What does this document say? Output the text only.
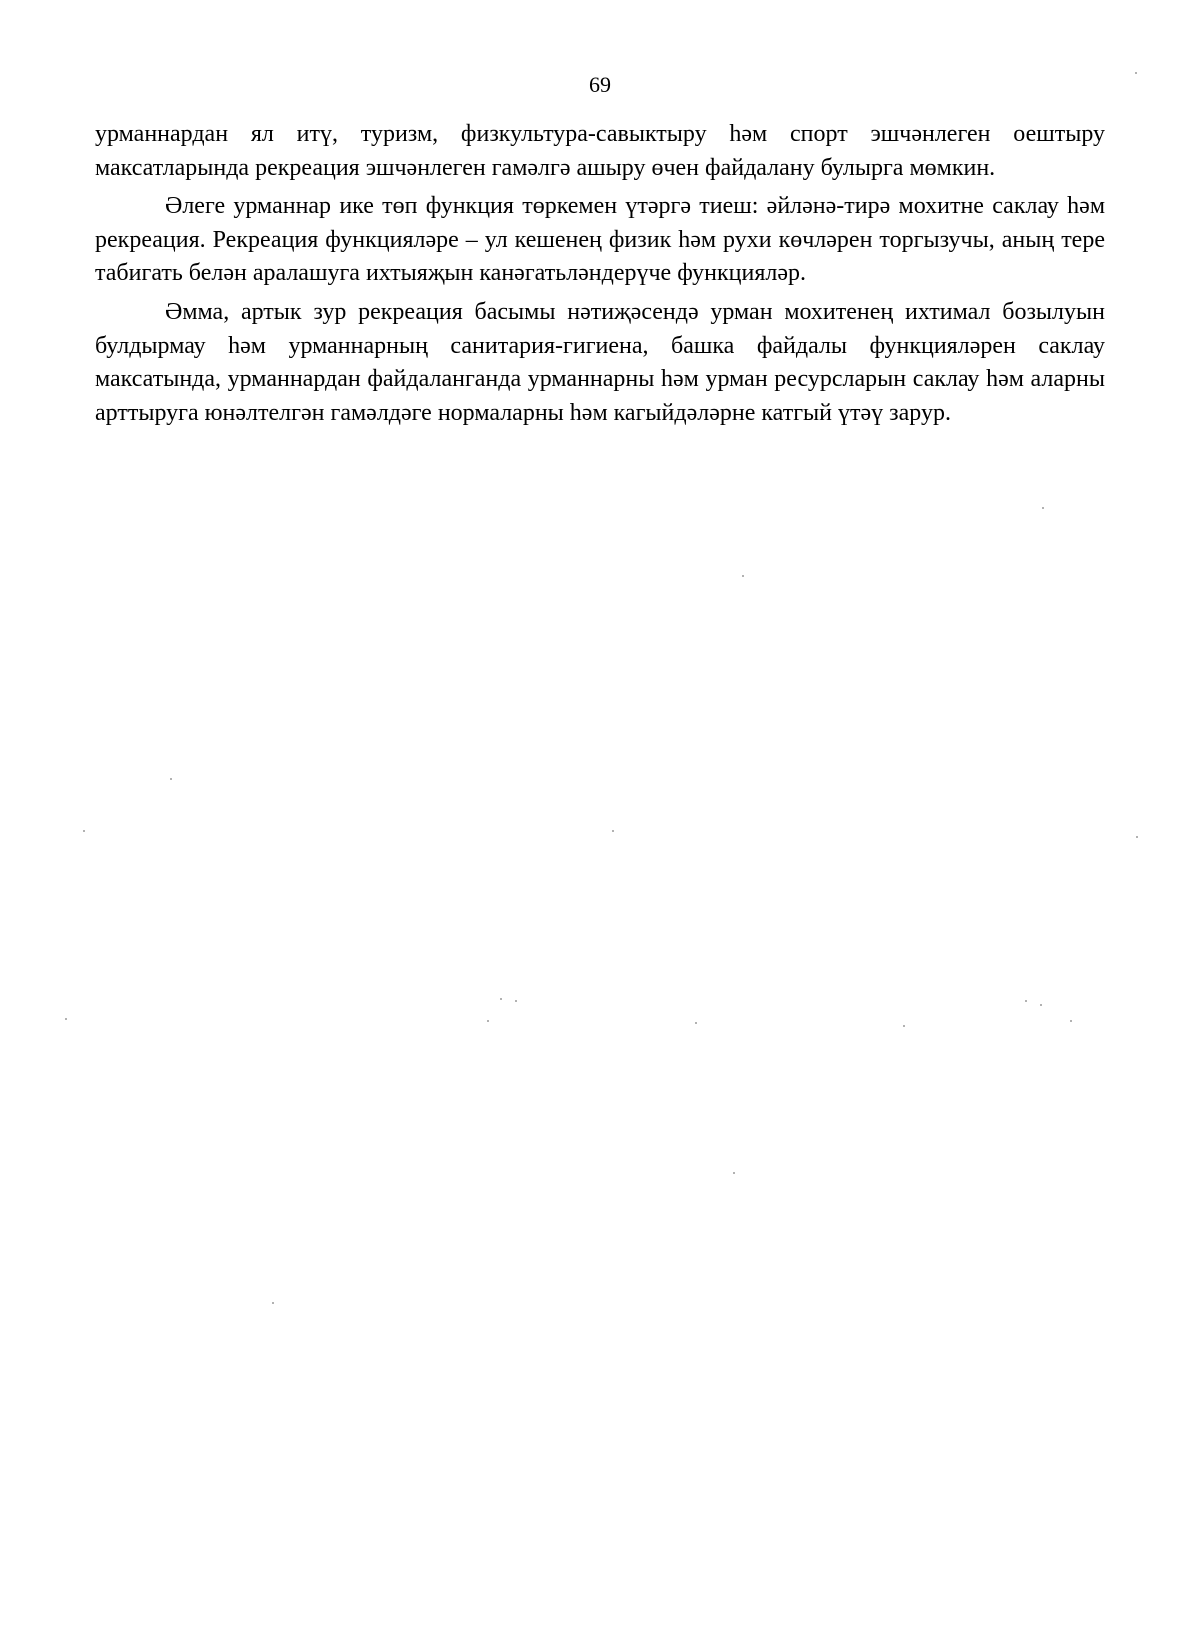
69

урманнардан ял итү, туризм, физкультура-савыктыру һәм спорт эшчәнлеген оештыру максатларында рекреация эшчәнлеген гамәлгә ашыру өчен файдалану булырга мөмкин.

Әлеге урманнар ике төп функция төркемен үтәргә тиеш: әйләнә-тирә мохитне саклау һәм рекреация. Рекреация функцияләре – ул кешенең физик һәм рухи көчләрен торгызучы, аның тере табигать белән аралашуга ихтыяҗын канәгатьләндерүче функцияләр.

Әмма, артык зур рекреация басымы нәтиҗәсендә урман мохитенең ихтимал бозылуын булдырмау һәм урманнарның санитария-гигиена, башка файдалы функцияләрен саклау максатында, урманнардан файдаланганда урманнарны һәм урман ресурсларын саклау һәм аларны арттыруга юнәлтелгән гамәлдәге нормаларны һәм кагыйдәләрне катгый үтәү зарур.
